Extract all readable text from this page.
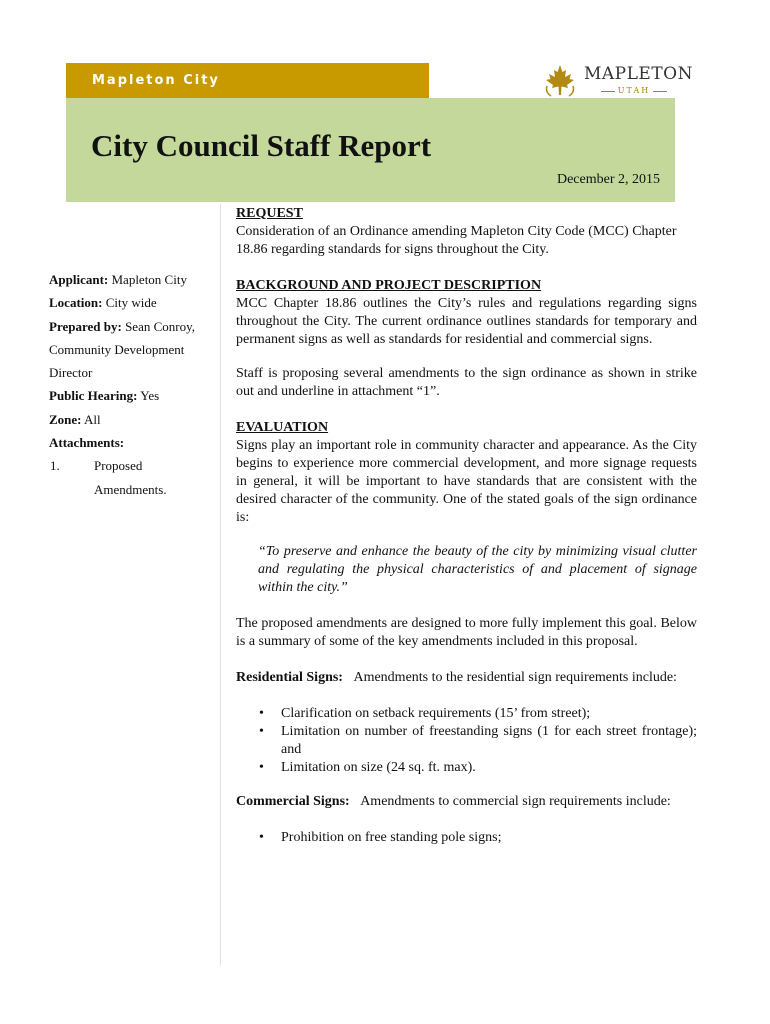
Mapleton City	MAPLETON
UTAH
City Council Staff Report
December 2, 2015
Applicant: Mapleton City
Location: City wide
Prepared by: Sean Conroy,
Community Development
Director
Public Hearing: Yes
Zone: All
Attachments:
1.	Proposed
Amendments.

REQUEST

Consideration of an Ordinance amending Mapleton City Code (MCC) Chapter 18.86 regarding standards for signs throughout the City.

BACKGROUND AND PROJECT DESCRIPTION

MCC Chapter 18.86 outlines the City’s rules and regulations regarding signs throughout the City. The current ordinance outlines standards for temporary and permanent signs as well as standards for residential and commercial signs.

Staff is proposing several amendments to the sign ordinance as shown in strike out and underline in attachment “1”.

EVALUATION

Signs play an important role in community character and appearance. As the City begins to experience more commercial development, and more signage requests in general, it will be important to have standards that are consistent with the desired character of the community. One of the stated goals of the sign ordinance is:

“To preserve and enhance the beauty of the city by minimizing visual clutter and regulating the physical characteristics of and placement of signage within the city.”

The proposed amendments are designed to more fully implement this goal. Below is a summary of some of the key amendments included in this proposal.

Residential Signs: Amendments to the residential sign requirements include:

• Clarification on setback requirements (15’ from street);
• Limitation on number of freestanding signs (1 for each street frontage); and
• Limitation on size (24 sq. ft. max).

Commercial Signs: Amendments to commercial sign requirements include:

• Prohibition on free standing pole signs;
